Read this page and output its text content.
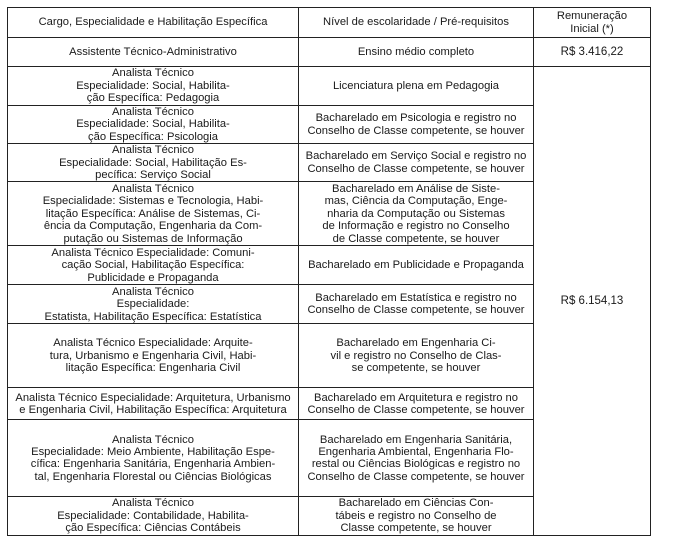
Cargo, Especialidade e Habilitação Específica	Nível de escolaridade / Pré-requisitos	Remuneração
Inicial (*)

Assistente Técnico-Administrativo	Ensino médio completo	R$ 3.416,22

Analista Técnico
Especialidade: Social, Habilita-
ção Específica: Pedagogia	Licenciatura plena em Pedagogia	R$ 6.154,13

Analista Técnico
Especialidade: Social, Habilita-
ção Específica: Psicologia	Bacharelado em Psicologia e registro no
Conselho de Classe competente, se houver	

Analista Técnico
Especialidade: Social, Habilitação Es-
pecífica: Serviço Social	Bacharelado em Serviço Social e registro no
Conselho de Classe competente, se houver	

Analista Técnico
Especialidade: Sistemas e Tecnologia, Habi-
litação Específica: Análise de Sistemas, Ci-
ência da Computação, Engenharia da Com-
putação ou Sistemas de Informação	Bacharelado em Análise de Siste-
mas, Ciência da Computação, Enge-
nharia da Computação ou Sistemas
de Informação e registro no Conselho
de Classe competente, se houver	

Analista Técnico Especialidade: Comuni-
cação Social, Habilitação Específica:
Publicidade e Propaganda	Bacharelado em Publicidade e Propaganda	

Analista Técnico
Especialidade:
Estatista, Habilitação Específica: Estatística	Bacharelado em Estatística e registro no
Conselho de Classe competente, se houver	

Analista Técnico Especialidade: Arquite-
tura, Urbanismo e Engenharia Civil, Habi-
litação Específica: Engenharia Civil	Bacharelado em Engenharia Ci-
vil e registro no Conselho de Clas-
se competente, se houver	

Analista Técnico Especialidade: Arquitetura, Urbanismo
e Engenharia Civil, Habilitação Específica: Arquitetura	Bacharelado em Arquitetura e registro no
Conselho de Classe competente, se houver	

Analista Técnico
Especialidade: Meio Ambiente, Habilitação Espe-
cífica: Engenharia Sanitária, Engenharia Ambien-
tal, Engenharia Florestal ou Ciências Biológicas	Bacharelado em Engenharia Sanitária,
Engenharia Ambiental, Engenharia Flo-
restal ou Ciências Biológicas e registro no
Conselho de Classe competente, se houver	

Analista Técnico
Especialidade: Contabilidade, Habilita-
ção Específica: Ciências Contábeis	Bacharelado em Ciências Con-
tábeis e registro no Conselho de
Classe competente, se houver	
